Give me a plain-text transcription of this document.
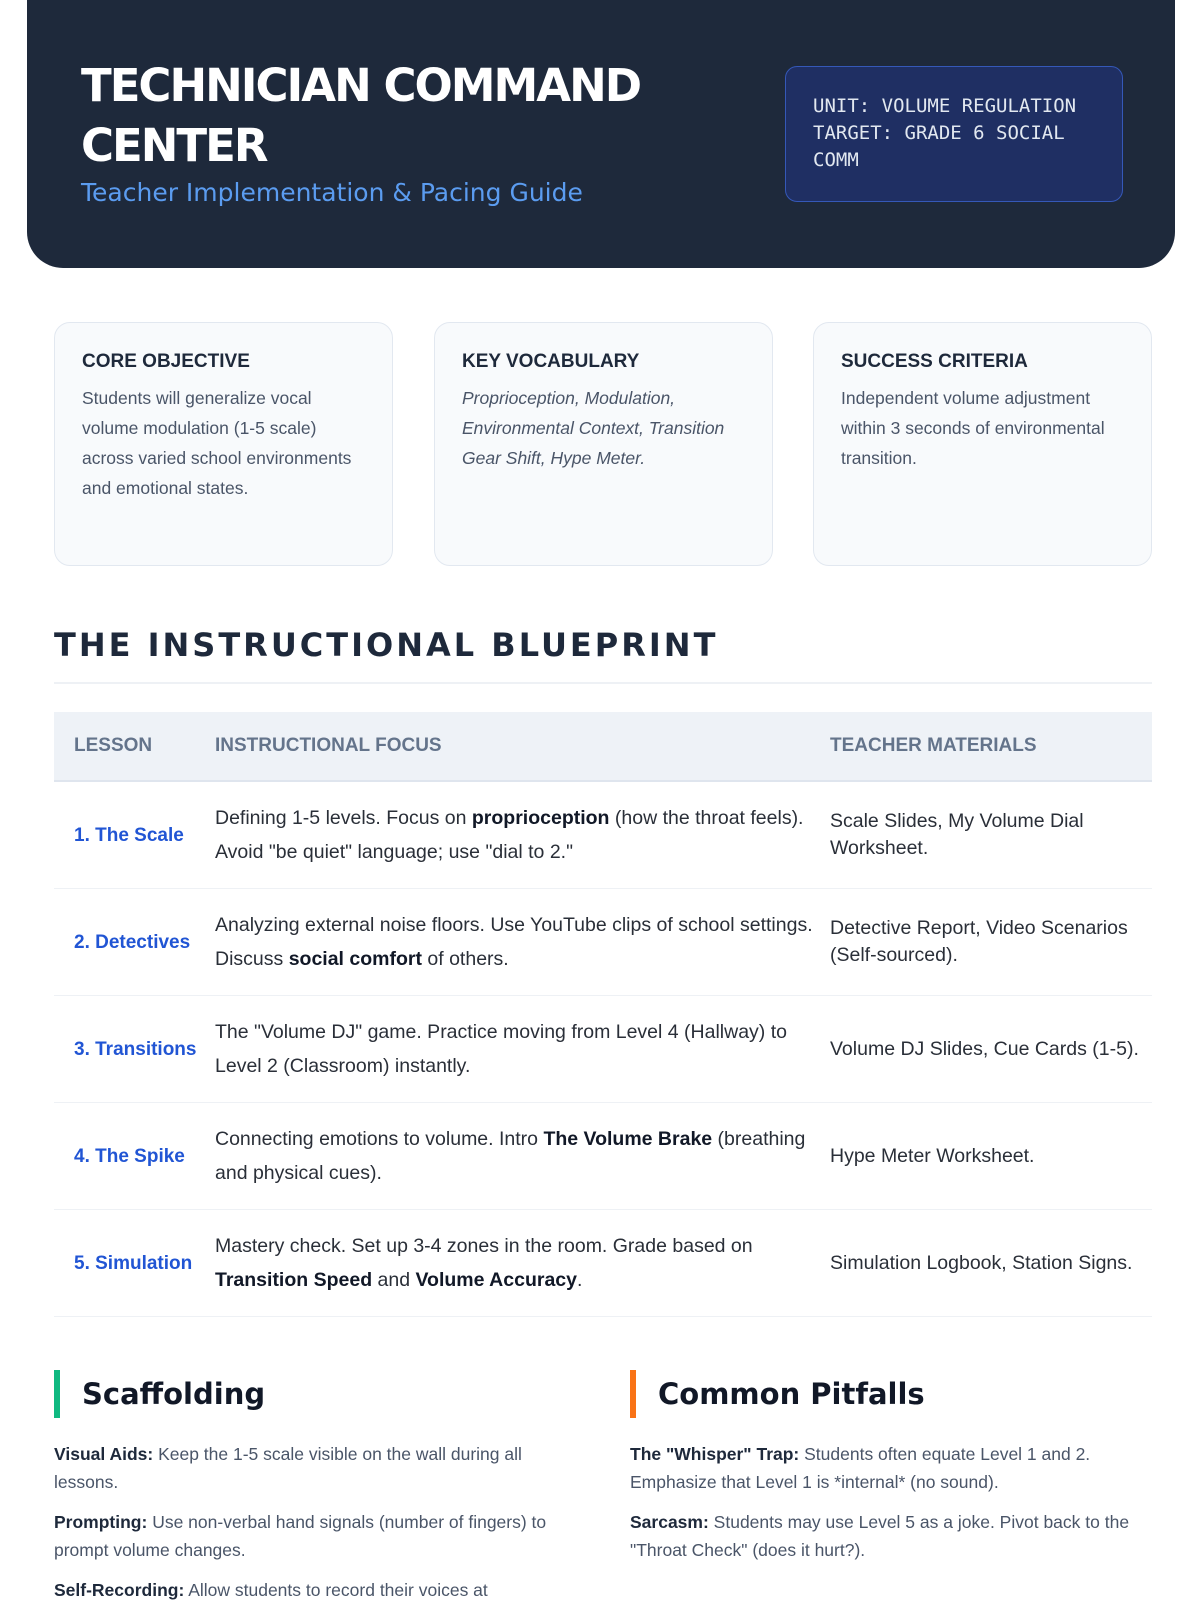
TECHNICIAN COMMAND CENTER
Teacher Implementation & Pacing Guide
UNIT: VOLUME REGULATION
TARGET: GRADE 6 SOCIAL COMM
CORE OBJECTIVE
Students will generalize vocal volume modulation (1-5 scale) across varied school environments and emotional states.
KEY VOCABULARY
Proprioception, Modulation, Environmental Context, Transition Gear Shift, Hype Meter.
SUCCESS CRITERIA
Independent volume adjustment within 3 seconds of environmental transition.
THE INSTRUCTIONAL BLUEPRINT
LESSON	INSTRUCTIONAL FOCUS	TEACHER MATERIALS
1. The Scale
Defining 1-5 levels. Focus on proprioception (how the throat feels). Avoid "be quiet" language; use "dial to 2."
Scale Slides, My Volume Dial Worksheet.
2. Detectives
Analyzing external noise floors. Use YouTube clips of school settings. Discuss social comfort of others.
Detective Report, Video Scenarios (Self-sourced).
3. Transitions
The "Volume DJ" game. Practice moving from Level 4 (Hallway) to Level 2 (Classroom) instantly.
Volume DJ Slides, Cue Cards (1-5).
4. The Spike
Connecting emotions to volume. Intro The Volume Brake (breathing and physical cues).
Hype Meter Worksheet.
5. Simulation
Mastery check. Set up 3-4 zones in the room. Grade based on Transition Speed and Volume Accuracy.
Simulation Logbook, Station Signs.
Scaffolding
Visual Aids: Keep the 1-5 scale visible on the wall during all lessons.
Prompting: Use non-verbal hand signals (number of fingers) to prompt volume changes.
Self-Recording: Allow students to record their voices at
Common Pitfalls
The "Whisper" Trap: Students often equate Level 1 and 2. Emphasize that Level 1 is *internal* (no sound).
Sarcasm: Students may use Level 5 as a joke. Pivot back to the "Throat Check" (does it hurt?).
